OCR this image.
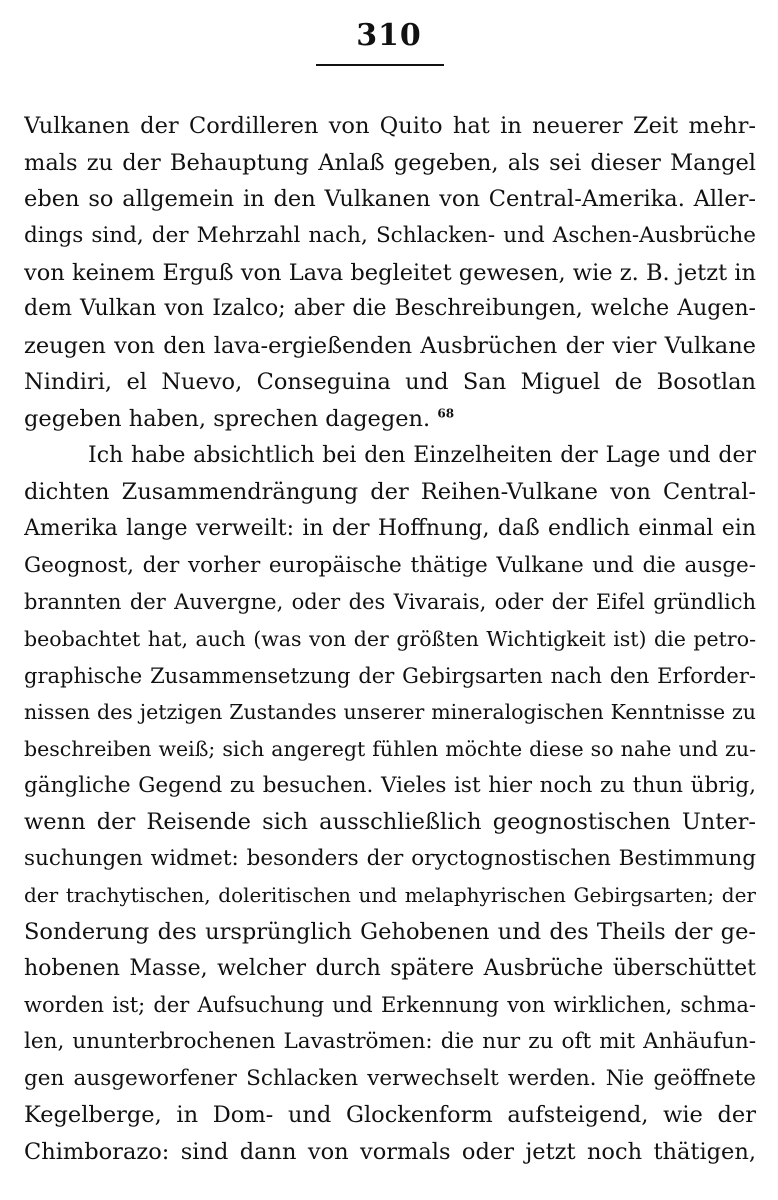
310
Vulkanen der Cordilleren von Quito hat in neuerer Zeit mehr-
mals zu der Behauptung Anlaß gegeben, als sei dieser Mangel
eben so allgemein in den Vulkanen von Central-Amerika. Aller-
dings sind, der Mehrzahl nach, Schlacken- und Aschen-Ausbrüche
von keinem Erguß von Lava begleitet gewesen, wie z. B. jetzt in
dem Vulkan von Izalco; aber die Beschreibungen, welche Augen-
zeugen von den lava-ergießenden Ausbrüchen der vier Vulkane
Nindiri, el Nuevo, Conseguina und San Miguel de Bosotlan
gegeben haben, sprechen dagegen. $^{68}$
Ich habe absichtlich bei den Einzelheiten der Lage und der
dichten Zusammendrängung der Reihen-Vulkane von Central-
Amerika lange verweilt: in der Hoffnung, daß endlich einmal ein
Geognost, der vorher europäische thätige Vulkane und die ausge-
brannten der Auvergne, oder des Vivarais, oder der Eifel gründlich
beobachtet hat, auch (was von der größten Wichtigkeit ist) die petro-
graphische Zusammensetzung der Gebirgsarten nach den Erforder-
nissen des jetzigen Zustandes unserer mineralogischen Kenntnisse zu
beschreiben weiß; sich angeregt fühlen möchte diese so nahe und zu-
gängliche Gegend zu besuchen. Vieles ist hier noch zu thun übrig,
wenn der Reisende sich ausschließlich geognostischen Unter-
suchungen widmet: besonders der oryctognostischen Bestimmung
der trachytischen, doleritischen und melaphyrischen Gebirgsarten; der
Sonderung des ursprünglich Gehobenen und des Theils der ge-
hobenen Masse, welcher durch spätere Ausbrüche überschüttet
worden ist; der Aufsuchung und Erkennung von wirklichen, schma-
len, ununterbrochenen Lavaströmen: die nur zu oft mit Anhäufun-
gen ausgeworfener Schlacken verwechselt werden. Nie geöffnete
Kegelberge, in Dom- und Glockenform aufsteigend, wie der
Chimborazo: sind dann von vormals oder jetzt noch thätigen,
